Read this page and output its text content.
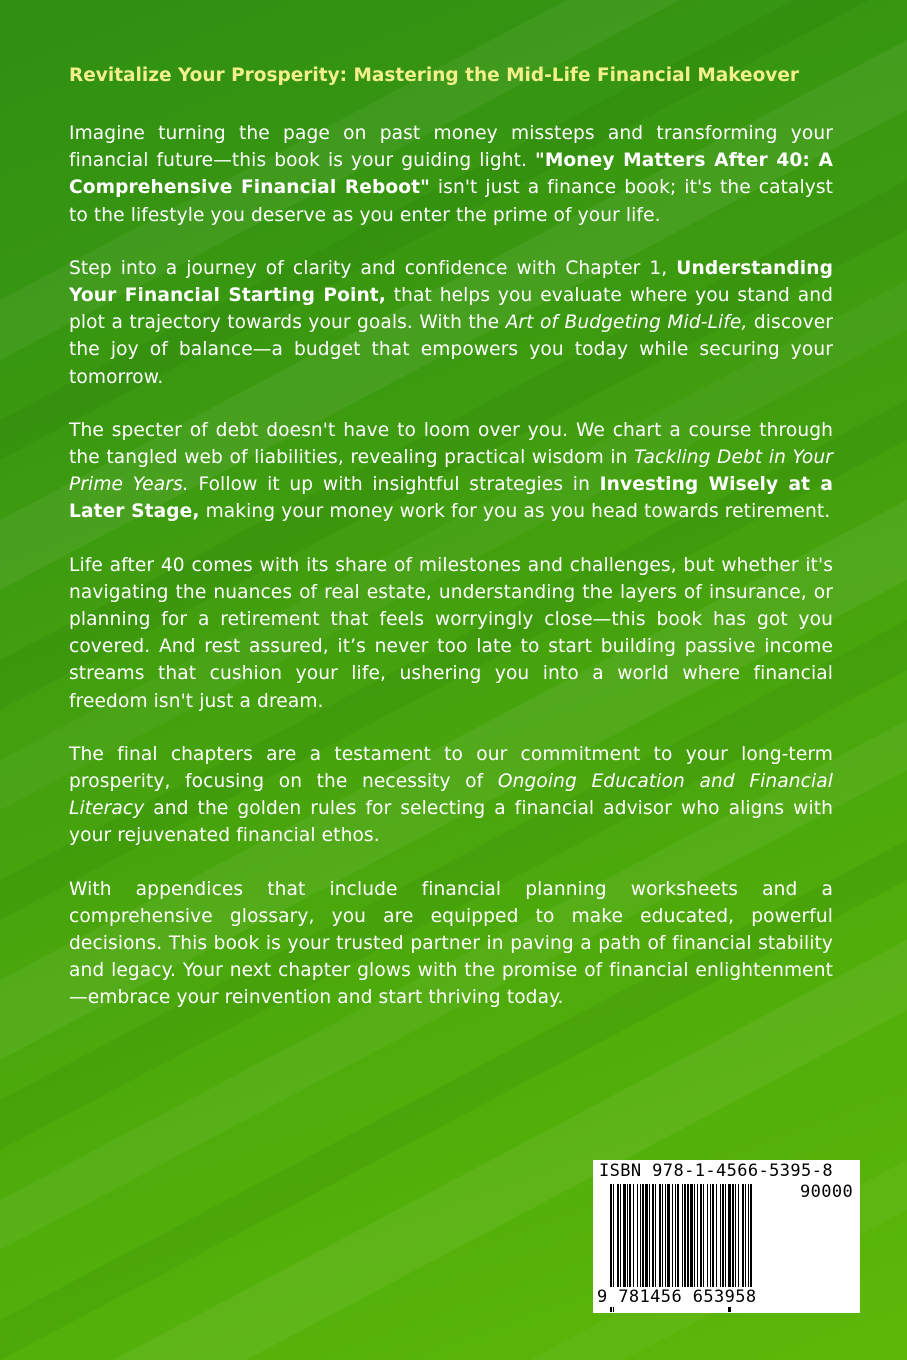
Revitalize Your Prosperity: Mastering the Mid-Life Financial Makeover

Imagine turning the page on past money missteps and transforming your financial future—this book is your guiding light. "Money Matters After 40: A Comprehensive Financial Reboot" isn't just a finance book; it's the catalyst to the lifestyle you deserve as you enter the prime of your life.

Step into a journey of clarity and confidence with Chapter 1, Understanding Your Financial Starting Point, that helps you evaluate where you stand and plot a trajectory towards your goals. With the Art of Budgeting Mid-Life, discover the joy of balance—a budget that empowers you today while securing your tomorrow.

The specter of debt doesn't have to loom over you. We chart a course through the tangled web of liabilities, revealing practical wisdom in Tackling Debt in Your Prime Years. Follow it up with insightful strategies in Investing Wisely at a Later Stage, making your money work for you as you head towards retirement.

Life after 40 comes with its share of milestones and challenges, but whether it's navigating the nuances of real estate, understanding the layers of insurance, or planning for a retirement that feels worryingly close—this book has got you covered. And rest assured, it’s never too late to start building passive income streams that cushion your life, ushering you into a world where financial freedom isn't just a dream.

The final chapters are a testament to our commitment to your long-term prosperity, focusing on the necessity of Ongoing Education and Financial Literacy and the golden rules for selecting a financial advisor who aligns with your rejuvenated financial ethos.

With appendices that include financial planning worksheets and a comprehensive glossary, you are equipped to make educated, powerful decisions. This book is your trusted partner in paving a path of financial stability and legacy. Your next chapter glows with the promise of financial enlightenment—embrace your reinvention and start thriving today.

ISBN 978-1-4566-5395-8
90000
9 781456 653958
